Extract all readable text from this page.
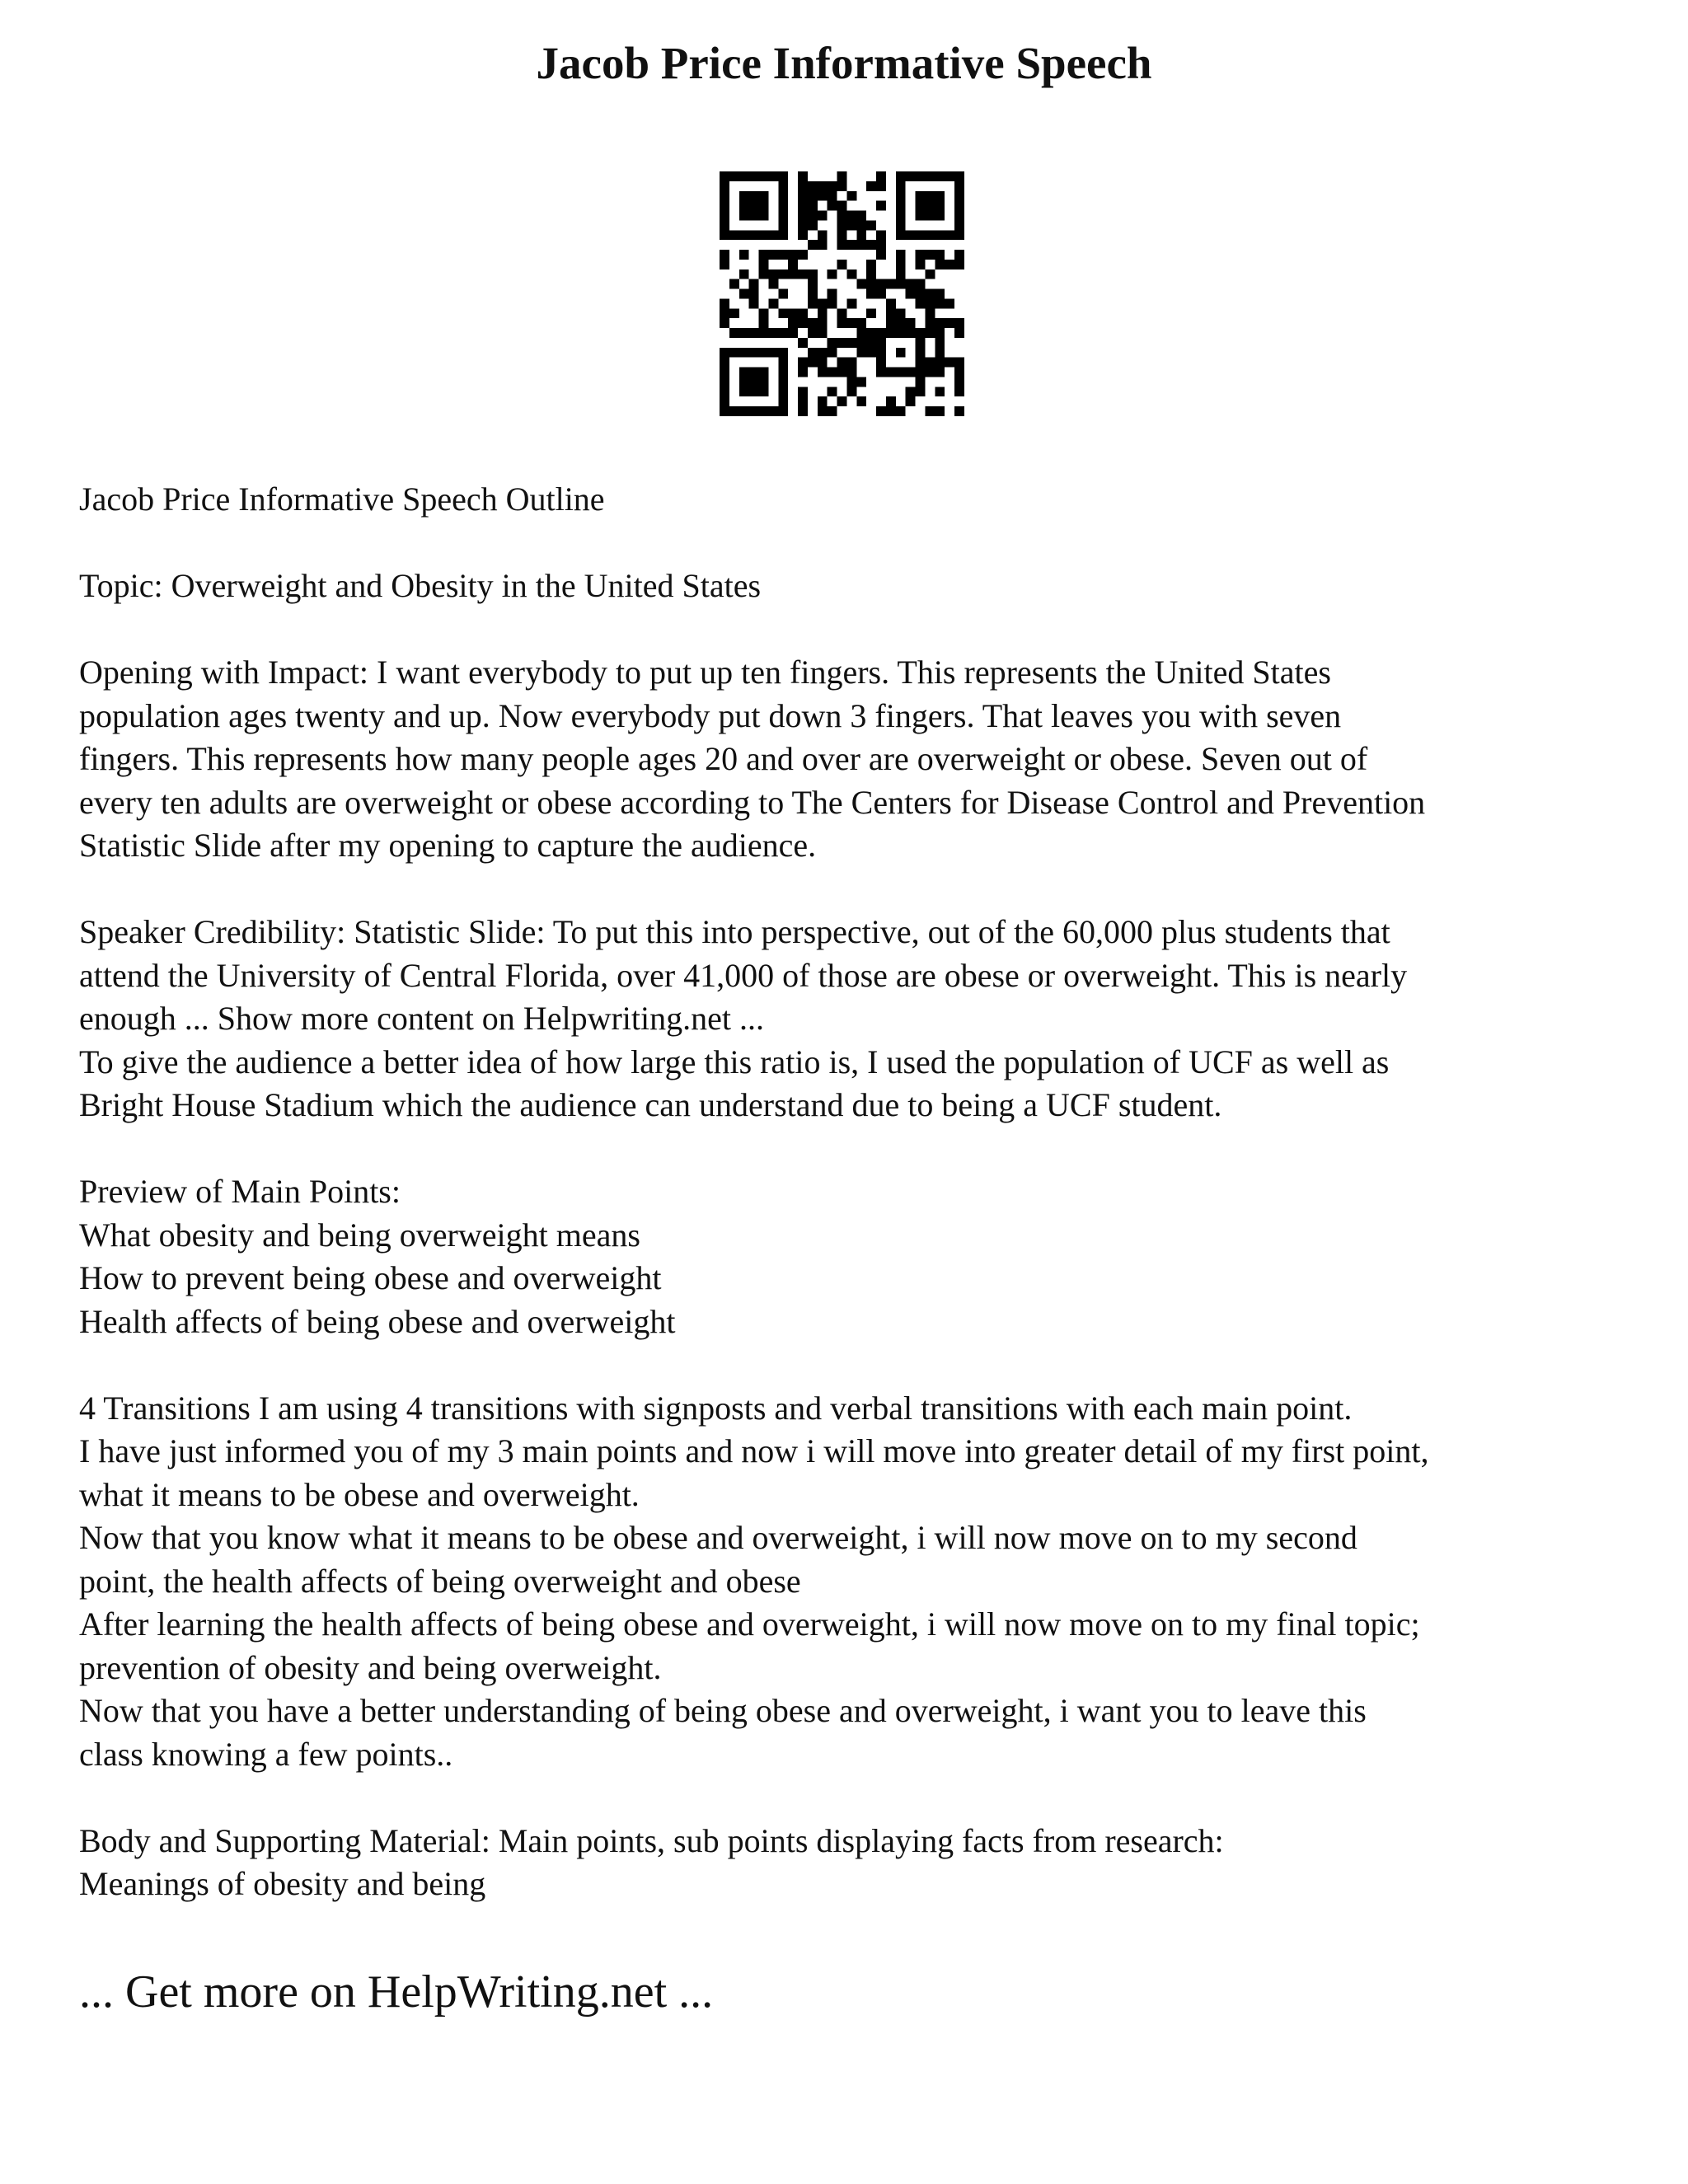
Jacob Price Informative Speech

Jacob Price Informative Speech Outline

Topic: Overweight and Obesity in the United States

Opening with Impact: I want everybody to put up ten fingers. This represents the United States
population ages twenty and up. Now everybody put down 3 fingers. That leaves you with seven
fingers. This represents how many people ages 20 and over are overweight or obese. Seven out of
every ten adults are overweight or obese according to The Centers for Disease Control and Prevention
Statistic Slide after my opening to capture the audience.

Speaker Credibility: Statistic Slide: To put this into perspective, out of the 60,000 plus students that
attend the University of Central Florida, over 41,000 of those are obese or overweight. This is nearly
enough ... Show more content on Helpwriting.net ...
To give the audience a better idea of how large this ratio is, I used the population of UCF as well as
Bright House Stadium which the audience can understand due to being a UCF student.

Preview of Main Points:
What obesity and being overweight means
How to prevent being obese and overweight
Health affects of being obese and overweight

4 Transitions I am using 4 transitions with signposts and verbal transitions with each main point.
I have just informed you of my 3 main points and now i will move into greater detail of my first point,
what it means to be obese and overweight.
Now that you know what it means to be obese and overweight, i will now move on to my second
point, the health affects of being overweight and obese
After learning the health affects of being obese and overweight, i will now move on to my final topic;
prevention of obesity and being overweight.
Now that you have a better understanding of being obese and overweight, i want you to leave this
class knowing a few points..

Body and Supporting Material: Main points, sub points displaying facts from research:
Meanings of obesity and being

... Get more on HelpWriting.net ...
